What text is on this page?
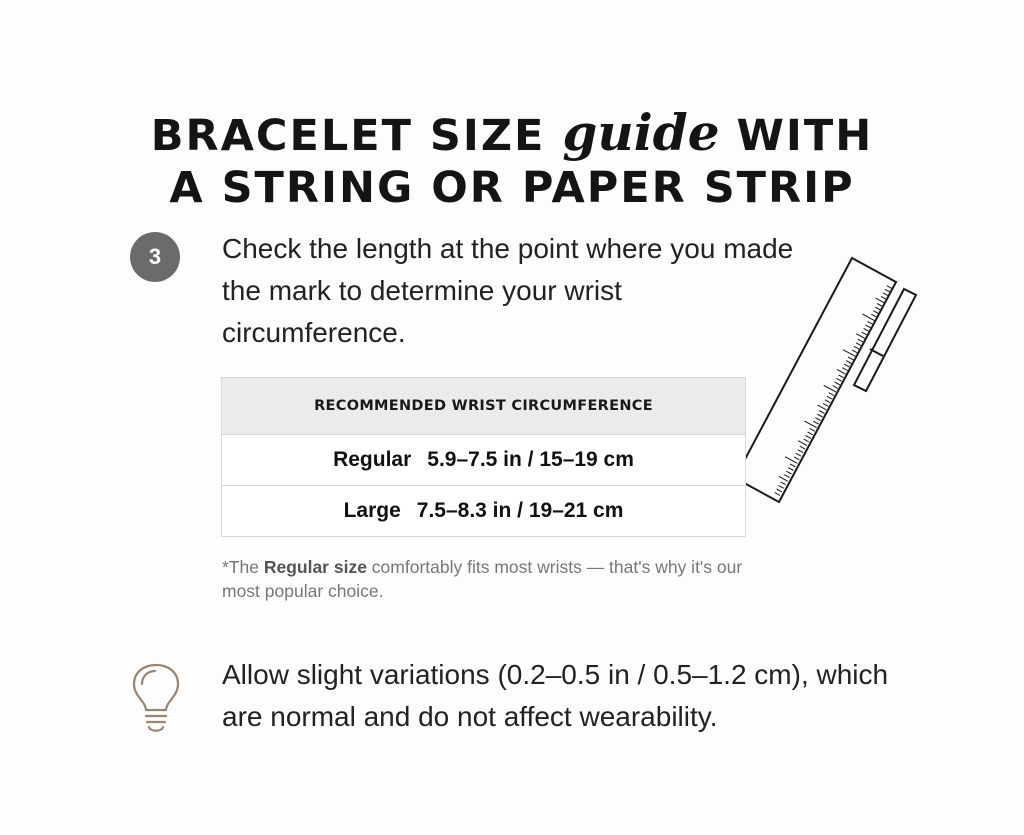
BRACELET SIZE guide WITH
A STRING OR PAPER STRIP
3	Check the length at the point where you made the mark to determine your wrist circumference.
RECOMMENDED WRIST CIRCUMFERENCE
Regular 5.9–7.5 in / 15–19 cm
Large 7.5–8.3 in / 19–21 cm
*The Regular size comfortably fits most wrists — that's why it's our most popular choice.
Allow slight variations (0.2–0.5 in / 0.5–1.2 cm), which are normal and do not affect wearability.
